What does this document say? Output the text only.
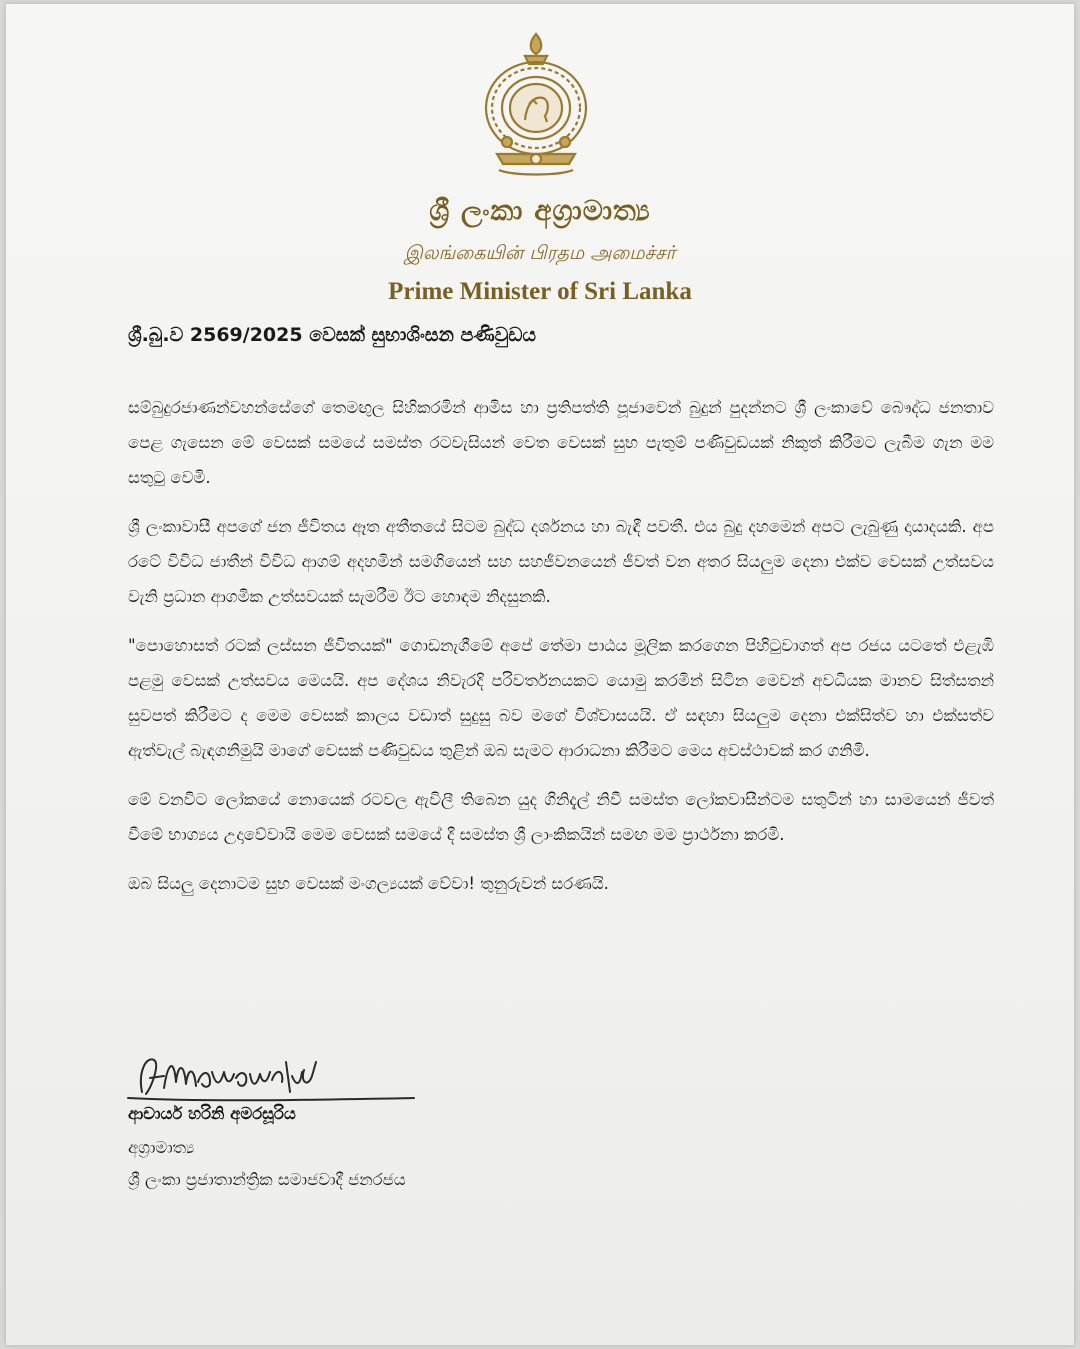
ශ්‍රී ලංකා අග්‍රාමාත්‍ය
இலங்கையின் பிரதம அமைச்சர்
Prime Minister of Sri Lanka
ශ්‍රී.බු.ව 2569/2025 වෙසක් සුභාශිංසන පණිවුඩය

සම්බුදුරජාණන්වහන්සේගේ තෙමඟුල සිහිකරමින් ආමිස හා ප්‍රතිපත්ති පූජාවෙන් බුදුන් පුදන්නට ශ්‍රී ලංකාවේ බෞද්ධ ජනතාව පෙළ ගැසෙන මේ වෙසක් සමයේ සමස්ත රටවැසියන් වෙත වෙසක් සුභ පැතුම් පණිවුඩයක් නිකුත් කිරීමට ලැබීම ගැන මම සතුටු වෙමි.

ශ්‍රී ලංකාවාසී අපගේ ජන ජීවිතය ඈත අතීතයේ සිටම බුද්ධ දර්ශනය හා බැඳී පවතී. එය බුදු දහමෙන් අපට ලැබුණු දායාදයකි. අප රටේ විවිධ ජාතීන් විවිධ ආගම් අදහමින් සමගියෙන් සහ සහජීවනයෙන් ජීවත් වන අතර සියලුම දෙනා එක්ව වෙසක් උත්සවය වැනි ප්‍රධාන ආගමික උත්සවයක් සැමරීම ඊට හොඳම නිදසුනකි.

"පොහොසත් රටක් ලස්සන ජීවිතයක්" ගොඩනැගීමේ අපේ තේමා පාඨය මූලික කරගෙන පිහිටුවාගත් අප රජය යටතේ එළැඹි පළමු වෙසක් උත්සවය මෙයයි. අප දේශය නිවැරදි පරිවර්තනයකට යොමු කරමින් සිටින මෙවන් අවධියක මානව සිත්සතන් සුවපත් කිරීමට ද මෙම වෙසක් කාලය වඩාත් සුදුසු බව මගේ විශ්වාසයයි. ඒ සඳහා සියලුම දෙනා එක්සිත්ව හා එක්සත්ව ඇත්වැල් බැඳගනිමුයි මාගේ වෙසක් පණිවුඩය තුළින් ඔබ සැමට ආරාධනා කිරීමට මෙය අවස්ථාවක් කර ගනිමි.

මේ වනවිට ලෝකයේ නොයෙක් රටවල ඇවිලී තිබෙන යුද ගිනිදැල් නිවී සමස්ත ලෝකවාසීන්ටම සතුටින් හා සාමයෙන් ජීවත් වීමේ භාග්‍යය උදාවේවායි මෙම වෙසක් සමයේ දී සමස්ත ශ්‍රී ලාංකිකයින් සමඟ මම ප්‍රාර්ථනා කරමි.

ඔබ සියලු දෙනාටම සුභ වෙසක් මංගල්‍යයක් වේවා! තුනුරුවන් සරණයි.

ආචාර්ය හරිනි අමරසූරිය
අග්‍රාමාත්‍ය
ශ්‍රී ලංකා ප්‍රජාතාන්ත්‍රික සමාජවාදී ජනරජය
